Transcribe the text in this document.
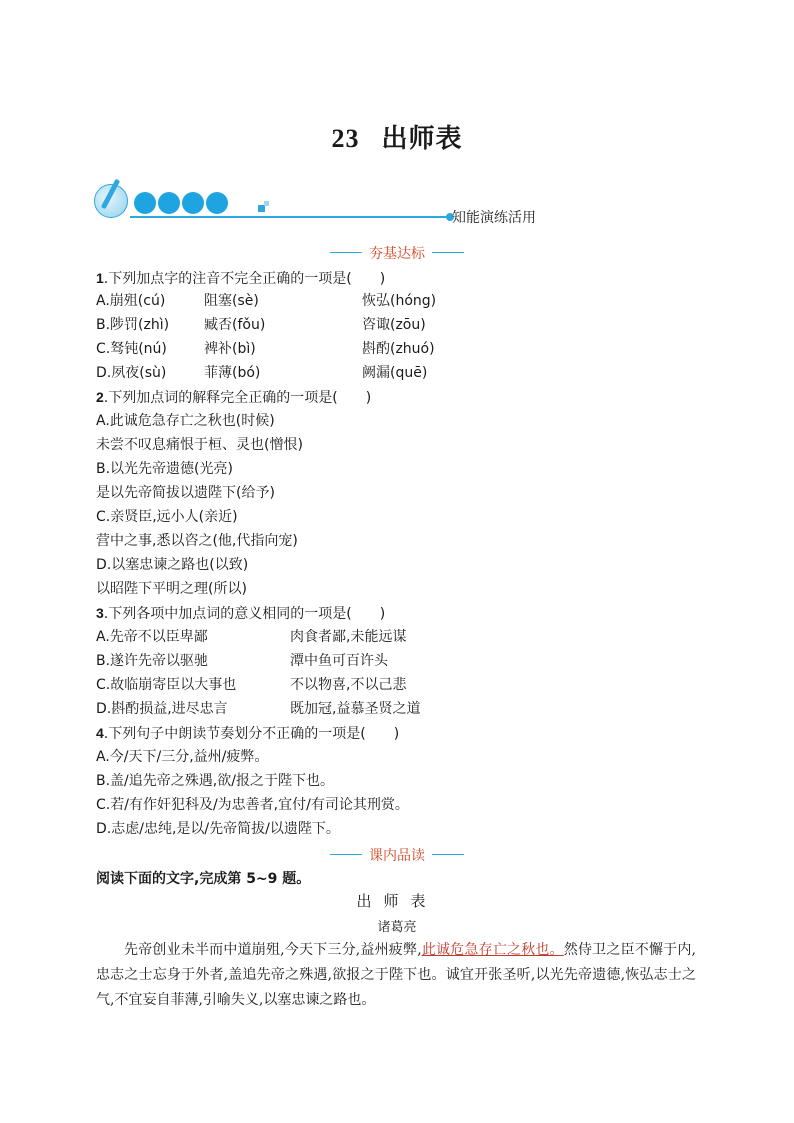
23 出师表
知能演练活用
夯基达标
1.下列加点字的注音不完全正确的一项是(　　)
A.崩殂(cú)	阻塞(sè)	恢弘(hóng)
B.陟罚(zhì) 臧否(fǒu)	咨诹(zōu)
C.驽钝(nú)	裨补(bì)	斟酌(zhuó)
D.夙夜(sù)	菲薄(bó)	阙漏(quē)
2.下列加点词的解释完全正确的一项是(　　)
A.此诚危急存亡之秋也(时候)
未尝不叹息痛恨于桓、灵也(憎恨)
B.以光先帝遗德(光亮)
是以先帝简拔以遗陛下(给予)
C.亲贤臣,远小人(亲近)
营中之事,悉以咨之(他,代指向宠)
D.以塞忠谏之路也(以致)
以昭陛下平明之理(所以)
3.下列各项中加点词的意义相同的一项是(　　)
A.先帝不以臣卑鄙	肉食者鄙,未能远谋
B.遂许先帝以驱驰	潭中鱼可百许头
C.故临崩寄臣以大事也	不以物喜,不以己悲
D.斟酌损益,进尽忠言	既加冠,益慕圣贤之道
4.下列句子中朗读节奏划分不正确的一项是(　　)
A.今/天下/三分,益州/疲弊。
B.盖/追先帝之殊遇,欲/报之于陛下也。
C.若/有作奸犯科及/为忠善者,宜付/有司论其刑赏。
D.志虑/忠纯,是以/先帝简拔/以遗陛下。
课内品读
阅读下面的文字,完成第 5~9 题。
出师表
诸葛亮
先帝创业未半而中道崩殂,今天下三分,益州疲弊,此诚危急存亡之秋也。然侍卫之臣不懈于内,忠志之士忘身于外者,盖追先帝之殊遇,欲报之于陛下也。诚宜开张圣听,以光先帝遗德,恢弘志士之气,不宜妄自菲薄,引喻失义,以塞忠谏之路也。
